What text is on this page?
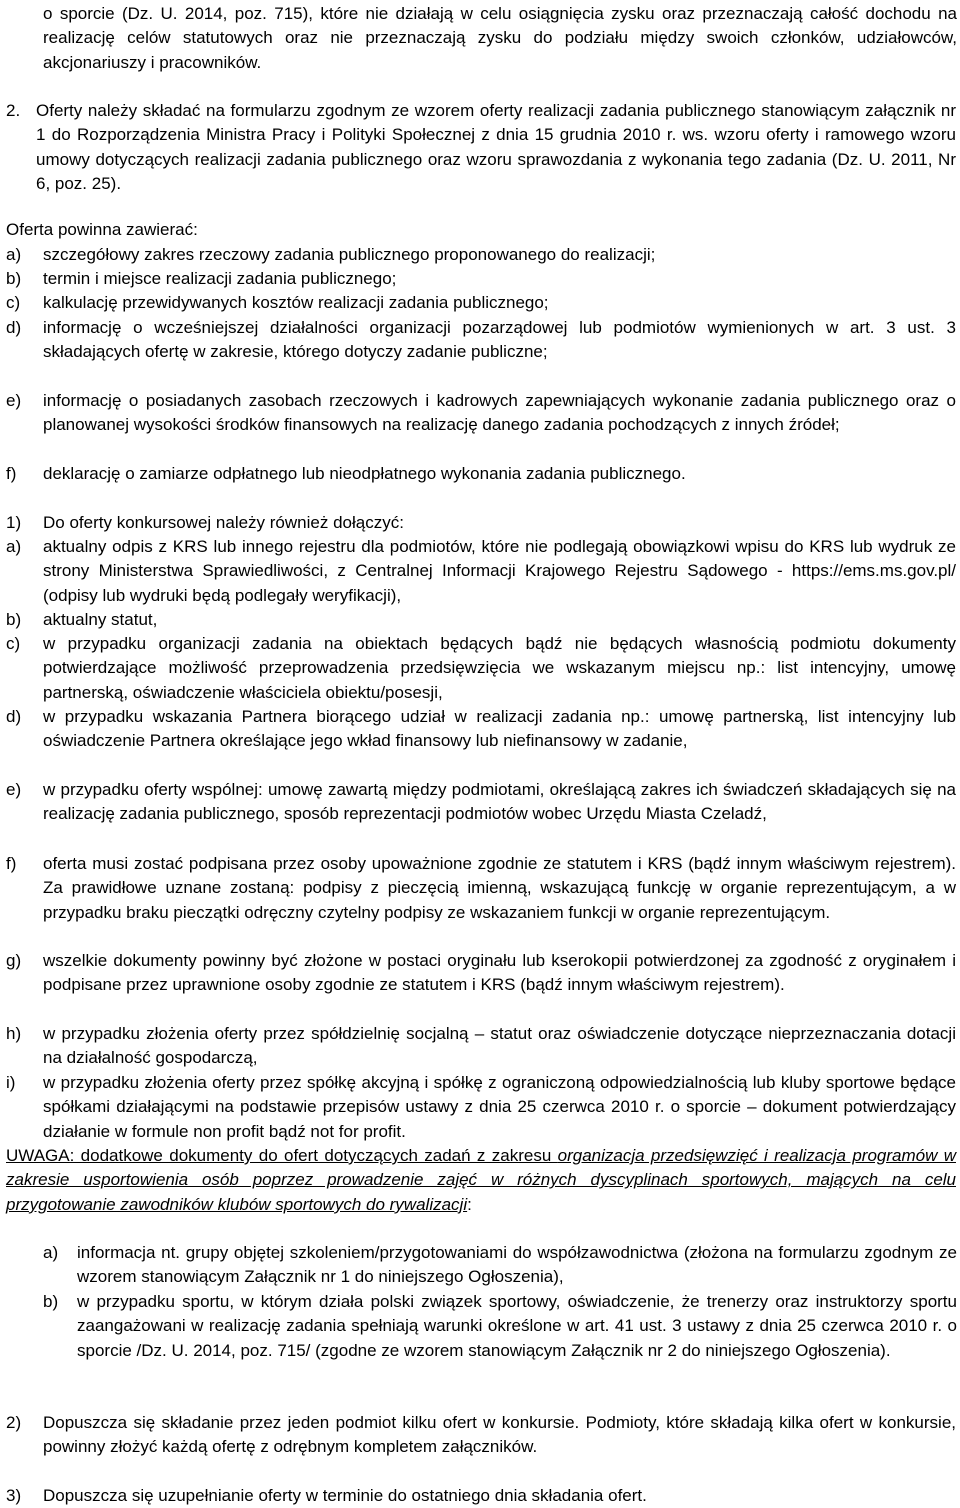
o sporcie (Dz. U. 2014, poz. 715), które nie działają w celu osiągnięcia zysku oraz przeznaczają całość dochodu na realizację celów statutowych oraz nie przeznaczają zysku do podziału między swoich członków, udziałowców, akcjonariuszy i pracowników.
2. Oferty należy składać na formularzu zgodnym ze wzorem oferty realizacji zadania publicznego stanowiącym załącznik nr 1 do Rozporządzenia Ministra Pracy i Polityki Społecznej z dnia 15 grudnia 2010 r. ws. wzoru oferty i ramowego wzoru umowy dotyczących realizacji zadania publicznego oraz wzoru sprawozdania z wykonania tego zadania (Dz. U. 2011, Nr 6, poz. 25).
Oferta powinna zawierać:
a)	szczegółowy zakres rzeczowy zadania publicznego proponowanego do realizacji;
b)	termin i miejsce realizacji zadania publicznego;
c)	kalkulację przewidywanych kosztów realizacji zadania publicznego;
d)	informację o wcześniejszej działalności organizacji pozarządowej lub podmiotów wymienionych w art. 3 ust. 3 składających ofertę w zakresie, którego dotyczy zadanie publiczne;
e)	informację o posiadanych zasobach rzeczowych i kadrowych zapewniających wykonanie zadania publicznego oraz o planowanej wysokości środków finansowych na realizację danego zadania pochodzących z innych źródeł;
f)	deklarację o zamiarze odpłatnego lub nieodpłatnego wykonania zadania publicznego.
1)	Do oferty konkursowej należy również dołączyć:
a)	aktualny odpis z KRS lub innego rejestru dla podmiotów, które nie podlegają obowiązkowi wpisu do KRS lub wydruk ze strony Ministerstwa Sprawiedliwości, z Centralnej Informacji Krajowego Rejestru Sądowego - https://ems.ms.gov.pl/ (odpisy lub wydruki będą podlegały weryfikacji),
b)	aktualny statut,
c)	w przypadku organizacji zadania na obiektach będących bądź nie będących własnością podmiotu dokumenty potwierdzające możliwość przeprowadzenia przedsięwzięcia we wskazanym miejscu np.: list intencyjny, umowę partnerską, oświadczenie właściciela obiektu/posesji,
d)	w przypadku wskazania Partnera biorącego udział w realizacji zadania np.: umowę partnerską, list intencyjny lub oświadczenie Partnera określające jego wkład finansowy lub niefinansowy w zadanie,
e)	w przypadku oferty wspólnej: umowę zawartą między podmiotami, określającą zakres ich świadczeń składających się na realizację zadania publicznego, sposób reprezentacji podmiotów wobec Urzędu Miasta Czeladź,
f)	oferta musi zostać podpisana przez osoby upoważnione zgodnie ze statutem i KRS (bądź innym właściwym rejestrem). Za prawidłowe uznane zostaną: podpisy z pieczęcią imienną, wskazującą funkcję w organie reprezentującym, a w przypadku braku pieczątki odręczny czytelny podpisy ze wskazaniem funkcji w organie reprezentującym.
g)	wszelkie dokumenty powinny być złożone w postaci oryginału lub kserokopii potwierdzonej za zgodność z oryginałem i podpisane przez uprawnione osoby zgodnie ze statutem i KRS (bądź innym właściwym rejestrem).
h)	w przypadku złożenia oferty przez spółdzielnię socjalną – statut oraz oświadczenie dotyczące nieprzeznaczania dotacji na działalność gospodarczą,
i)	w przypadku złożenia oferty przez spółkę akcyjną i spółkę z ograniczoną odpowiedzialnością lub kluby sportowe będące spółkami działającymi na podstawie przepisów ustawy z dnia 25 czerwca 2010 r. o sporcie – dokument potwierdzający działanie w formule non profit bądź not for profit.
UWAGA: dodatkowe dokumenty do ofert dotyczących zadań z zakresu organizacja przedsięwzięć i realizacja programów w zakresie usportowienia osób poprzez prowadzenie zajęć w różnych dyscyplinach sportowych, mających na celu przygotowanie zawodników klubów sportowych do rywalizacji:
a)	informacja nt. grupy objętej szkoleniem/przygotowaniami do współzawodnictwa (złożona na formularzu zgodnym ze wzorem stanowiącym Załącznik nr 1 do niniejszego Ogłoszenia),
b)	w przypadku sportu, w którym działa polski związek sportowy, oświadczenie, że trenerzy oraz instruktorzy sportu zaangażowani w realizację zadania spełniają warunki określone w art. 41 ust. 3 ustawy z dnia 25 czerwca 2010 r. o sporcie /Dz. U. 2014, poz. 715/ (zgodne ze wzorem stanowiącym Załącznik nr 2 do niniejszego Ogłoszenia).
2)	Dopuszcza się składanie przez jeden podmiot kilku ofert w konkursie. Podmioty, które składają kilka ofert w konkursie, powinny złożyć każdą ofertę z odrębnym kompletem załączników.
3)	Dopuszcza się uzupełnianie oferty w terminie do ostatniego dnia składania ofert.
